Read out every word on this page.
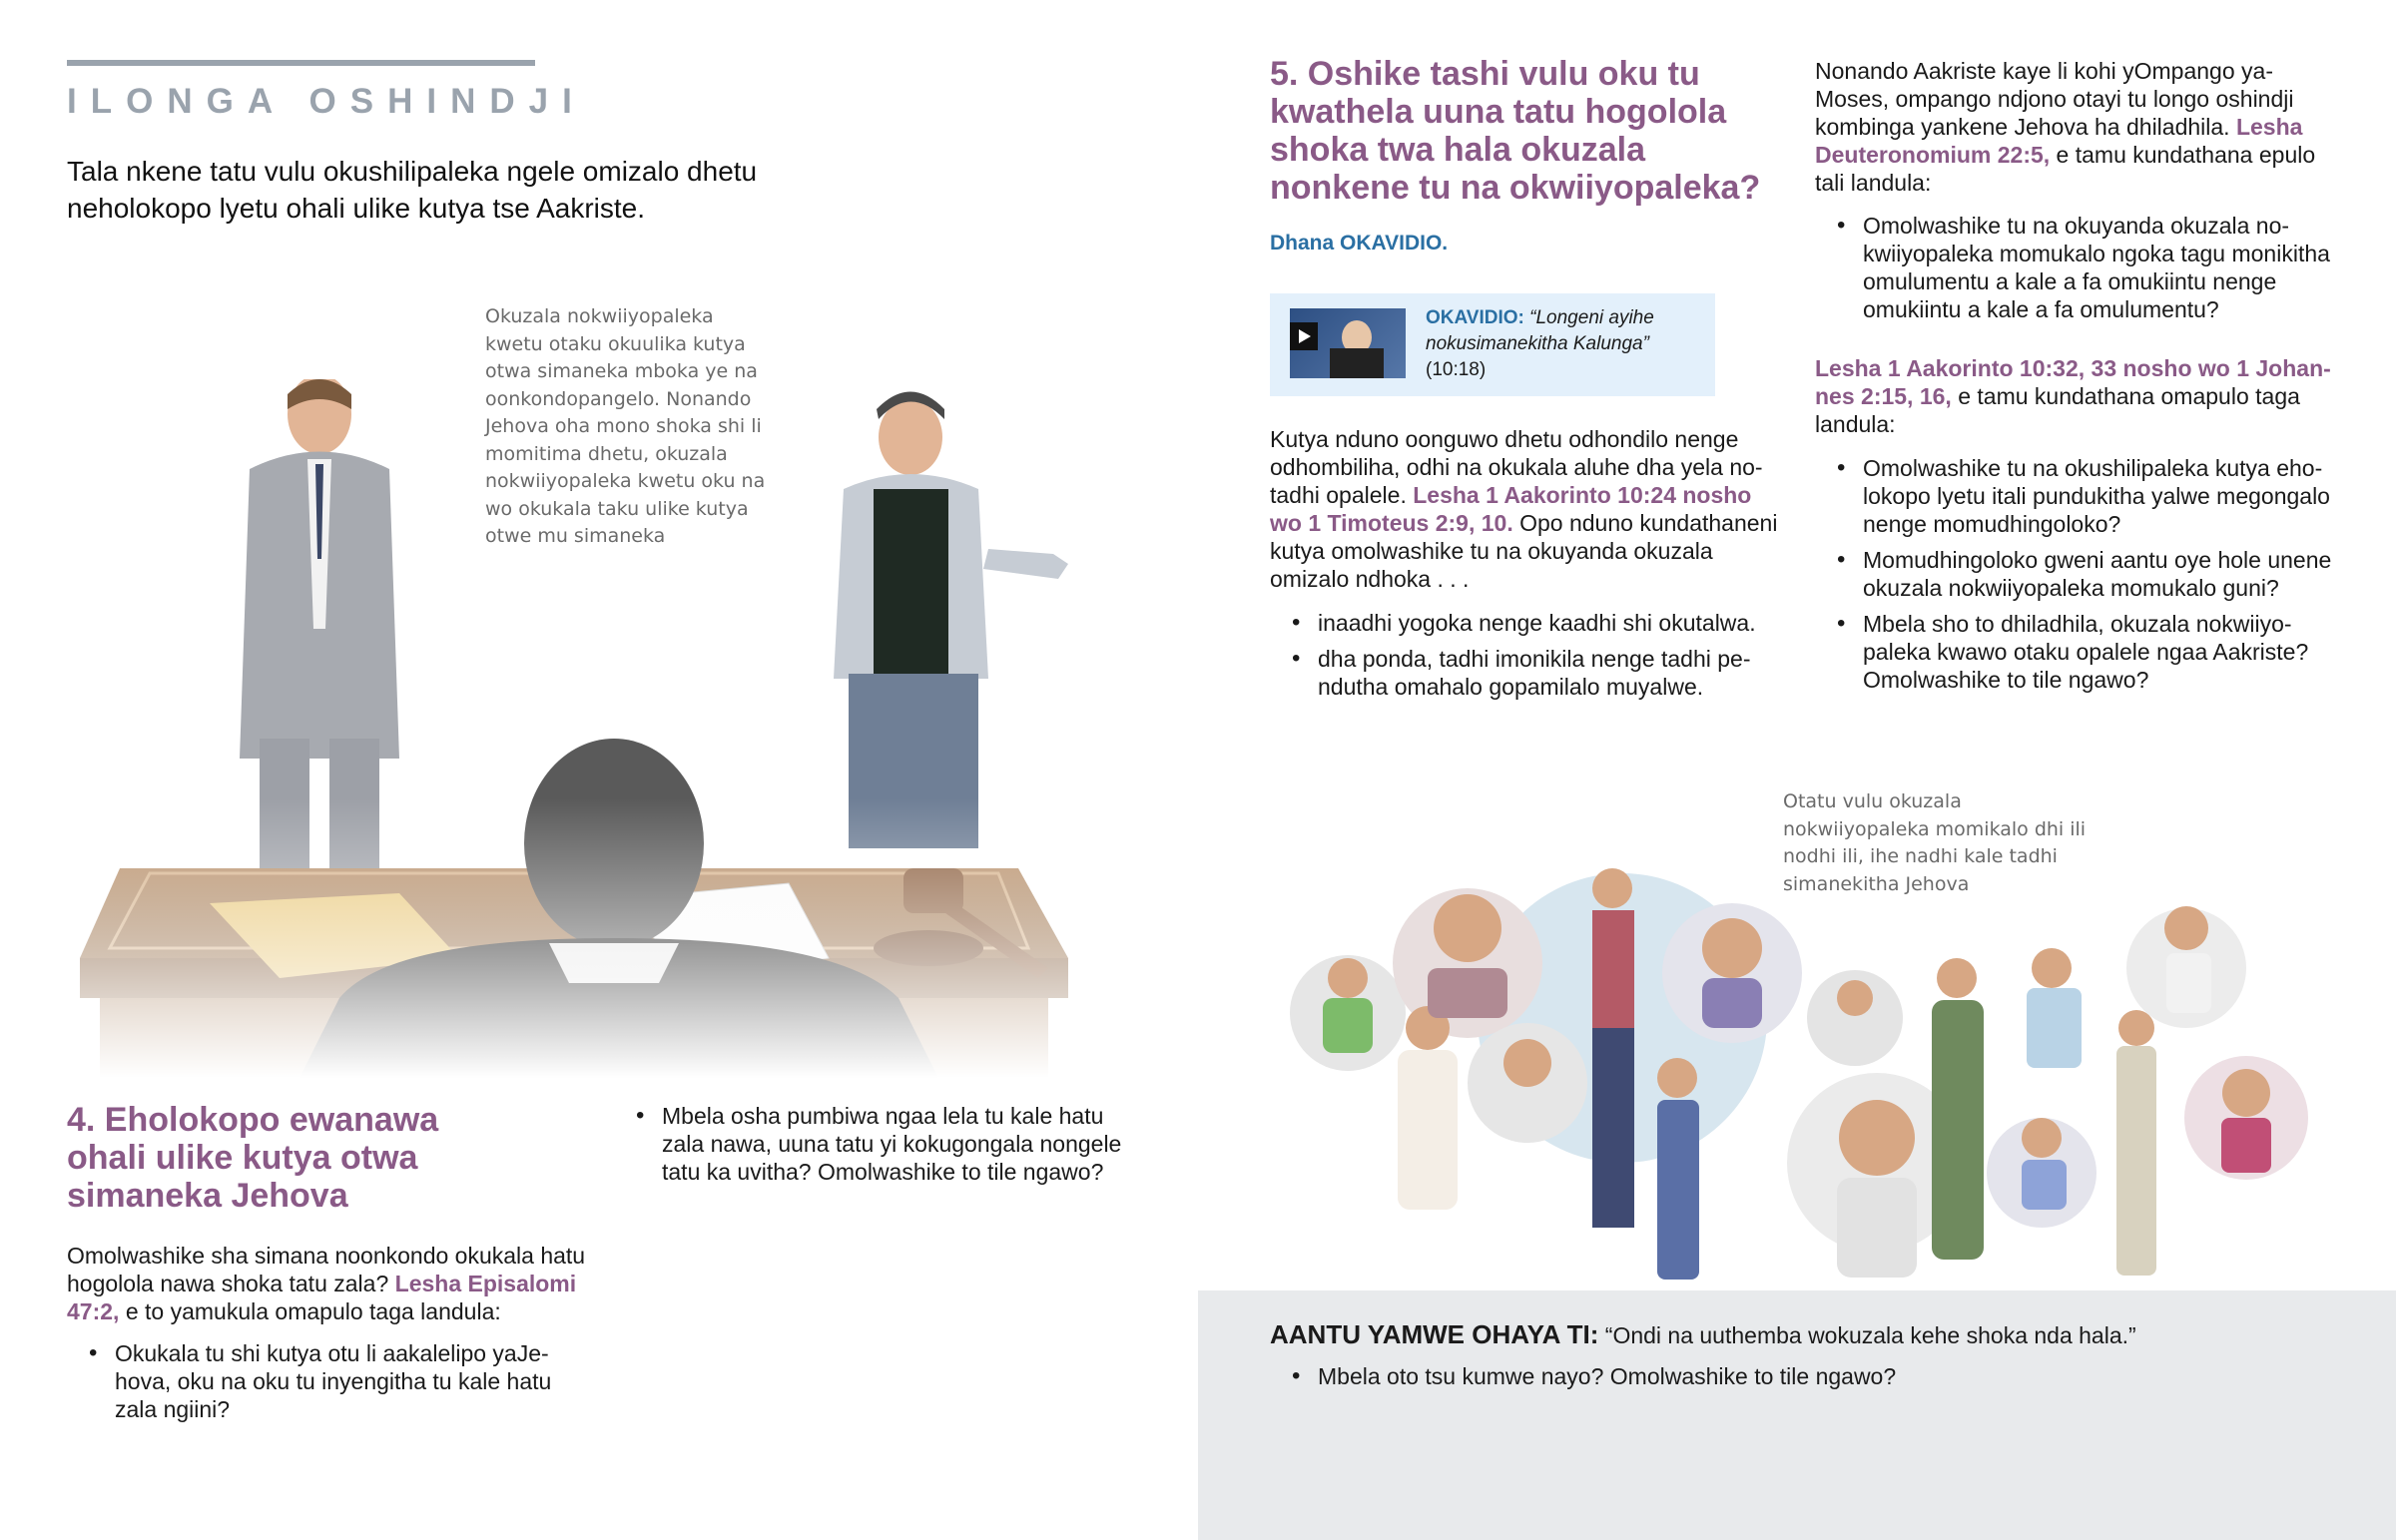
ILONGA OSHINDJI
Tala nkene tatu vulu okushilipaleka ngele omizalo dhetu neholokopo lyetu ohali ulike kutya tse Aakriste.
Okuzala nokwiiyopaleka kwetu otaku okuulika kutya otwa simaneka mboka ye na oonkondopangelo. Nonando Jehova oha mono shoka shi li momitima dhetu, okuzala nokwiiyopaleka kwetu oku na wo okukala taku ulike kutya otwe mu simaneka
4. Eholokopo ewanawa ohali ulike kutya otwa simaneka Jehova
Omolwashike sha simana noonkondo okukala hatu hogolola nawa shoka tatu zala? Lesha Episalomi 47:2, e to yamukula omapulo taga landula:
• Okukala tu shi kutya otu li aakalelipo yaJehova, oku na oku tu inyengitha tu kale hatu zala ngiini?
• Mbela osha pumbiwa ngaa lela tu kale hatu zala nawa, uuna tatu yi kokugongala nongele tatu ka uvitha? Omolwashike to tile ngawo?
5. Oshike tashi vulu oku tu kwathela uuna tatu hogolola shoka twa hala okuzala nonkene tu na okwiiyopaleka?
Dhana OKAVIDIO.
OKAVIDIO: “Longeni ayihe nokusimanekitha Kalunga”
(10:18)
Kutya nduno oonguwo dhetu odhondilo nenge odhombiliha, odhi na okukala aluhe dha yela notadhi opalele. Lesha 1 Aakorinto 10:24 nosho wo 1 Timoteus 2:9, 10. Opo nduno kundathaneni kutya omolwashike tu na okuyanda okuzala omizalo ndhoka . . .
• inaadhi yogoka nenge kaadhi shi okutalwa.
• dha ponda, tadhi imonikila nenge tadhi pendutha omahalo gopamilalo muyalwe.
Nonando Aakriste kaye li kohi yOmpango yaMoses, ompango ndjono otayi tu longo oshindji kombinga yankene Jehova ha dhiladhila. Lesha Deuteronomium 22:5, e tamu kundathana epulo tali landula:
• Omolwashike tu na okuyanda okuzala nokwiiyopaleka momukalo ngoka tagu monikitha omulumentu a kale a fa omukiintu nenge omukiintu a kale a fa omulumentu?
Lesha 1 Aakorinto 10:32, 33 nosho wo 1 Johannes 2:15, 16, e tamu kundathana omapulo taga landula:
• Omolwashike tu na okushilipaleka kutya eholokopo lyetu itali pundukitha yalwe megongalo nenge momudhingoloko?
• Momudhingoloko gweni aantu oye hole unene okuzala nokwiiyopaleka momukalo guni?
• Mbela sho to dhiladhila, okuzala nokwiiyopaleka kwawo otaku opalele ngaa Aakriste? Omolwashike to tile ngawo?
Otatu vulu okuzala nokwiiyopaleka momikalo dhi ili nodhi ili, ihe nadhi kale tadhi simanekitha Jehova
AANTU YAMWE OHAYA TI: “Ondi na uuthemba wokuzala kehe shoka nda hala.”
• Mbela oto tsu kumwe nayo? Omolwashike to tile ngawo?
